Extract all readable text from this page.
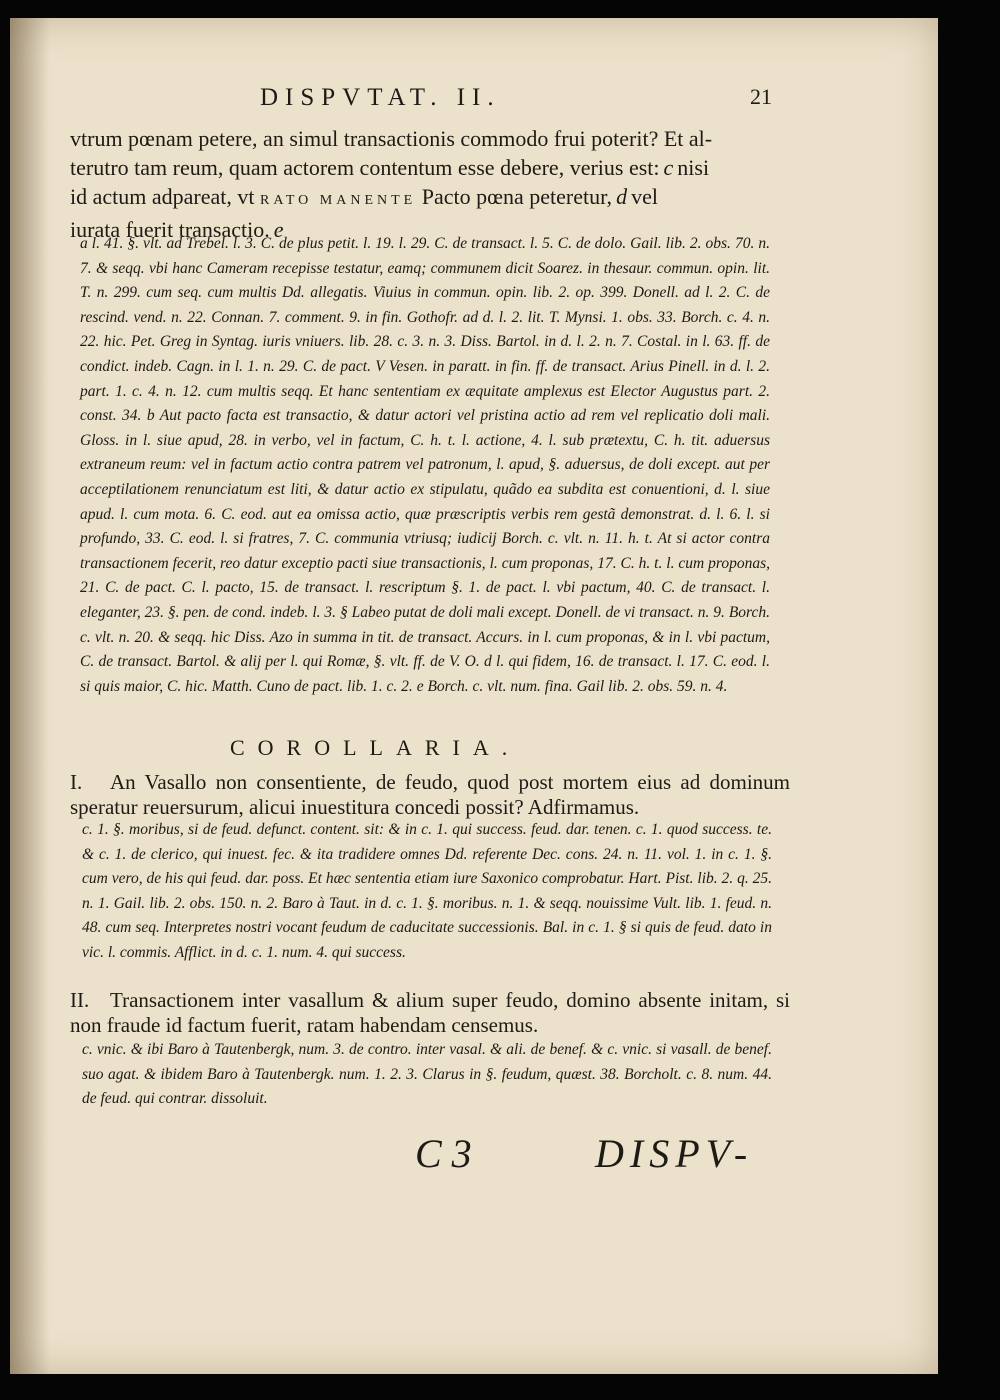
DISPVTAT. II.	21

vtrum pœnam petere, an simul transactionis commodo frui poterit? Et al-

terutro tam reum, quam actorem contentum esse debere, verius est: c nisi

id actum adpareat, vt RATO MANENTE Pacto pœna peteretur, d vel

iurata fuerit transactio. e

a l. 41. §. vlt. ad Trebel. l. 3. C. de plus petit. l. 19. l. 29. C. de transact. l. 5. C. de dolo. Gail. lib. 2. obs. 70. n. 7. & seqq. vbi hanc Cameram recepisse testatur, eamq; communem dicit Soarez. in thesaur. commun. opin. lit. T. n. 299. cum seq. cum multis Dd. allegatis. Viuius in commun. opin. lib. 2. op. 399. Donell. ad l. 2. C. de rescind. vend. n. 22. Connan. 7. comment. 9. in fin. Gothofr. ad d. l. 2. lit. T. Mynsi. 1. obs. 33. Borch. c. 4. n. 22. hic. Pet. Greg in Syntag. iuris vniuers. lib. 28. c. 3. n. 3. Diss. Bartol. in d. l. 2. n. 7. Costal. in l. 63. ff. de condict. indeb. Cagn. in l. 1. n. 29. C. de pact. V Vesen. in paratt. in fin. ff. de transact. Arius Pinell. in d. l. 2. part. 1. c. 4. n. 12. cum multis seqq. Et hanc sententiam ex æquitate amplexus est Elector Augustus part. 2. const. 34. b Aut pacto facta est transactio, & datur actori vel pristina actio ad rem vel replicatio doli mali. Gloss. in l. siue apud, 28. in verbo, vel in factum, C. h. t. l. actione, 4. l. sub prætextu, C. h. tit. aduersus extraneum reum: vel in factum actio contra patrem vel patronum, l. apud, §. aduersus, de doli except. aut per acceptilationem renunciatum est liti, & datur actio ex stipulatu, quãdo ea subdita est conuentioni, d. l. siue apud. l. cum mota. 6. C. eod. aut ea omissa actio, quæ præscriptis verbis rem gestã demonstrat. d. l. 6. l. si profundo, 33. C. eod. l. si fratres, 7. C. communia vtriusq; iudicij Borch. c. vlt. n. 11. h. t. At si actor contra transactionem fecerit, reo datur exceptio pacti siue transactionis, l. cum proponas, 17. C. h. t. l. cum proponas, 21. C. de pact. C. l. pacto, 15. de transact. l. rescriptum §. 1. de pact. l. vbi pactum, 40. C. de transact. l. eleganter, 23. §. pen. de cond. indeb. l. 3. § Labeo putat de doli mali except. Donell. de vi transact. n. 9. Borch. c. vlt. n. 20. & seqq. hic Diss. Azo in summa in tit. de transact. Accurs. in l. cum proponas, & in l. vbi pactum, C. de transact. Bartol. & alij per l. qui Romæ, §. vlt. ff. de V. O. d l. qui fidem, 16. de transact. l. 17. C. eod. l. si quis maior, C. hic. Matth. Cuno de pact. lib. 1. c. 2. e Borch. c. vlt. num. fina. Gail lib. 2. obs. 59. n. 4.
COROLLARIA.
I. An Vasallo non consentiente, de feudo, quod post mortem eius ad dominum speratur reuersurum, alicui inuestitura concedi possit? Adfirmamus.
c. 1. §. moribus, si de feud. defunct. content. sit: & in c. 1. qui success. feud. dar. tenen. c. 1. quod success. te. & c. 1. de clerico, qui inuest. fec. & ita tradidere omnes Dd. referente Dec. cons. 24. n. 11. vol. 1. in c. 1. §. cum vero, de his qui feud. dar. poss. Et hæc sententia etiam iure Saxonico comprobatur. Hart. Pist. lib. 2. q. 25. n. 1. Gail. lib. 2. obs. 150. n. 2. Baro à Taut. in d. c. 1. §. moribus. n. 1. & seqq. nouissime Vult. lib. 1. feud. n. 48. cum seq. Interpretes nostri vocant feudum de caducitate successionis. Bal. in c. 1. § si quis de feud. dato in vic. l. commis. Afflict. in d. c. 1. num. 4. qui success.
II. Transactionem inter vasallum & alium super feudo, domino absente initam, si non fraude id factum fuerit, ratam habendam censemus.
c. vnic. & ibi Baro à Tautenbergk, num. 3. de contro. inter vasal. & ali. de benef. & c. vnic. si vasall. de benef. suo agat. & ibidem Baro à Tautenbergk. num. 1. 2. 3. Clarus in §. feudum, quæst. 38. Borcholt. c. 8. num. 44. de feud. qui contrar. dissoluit.
C 3	DISPV-
